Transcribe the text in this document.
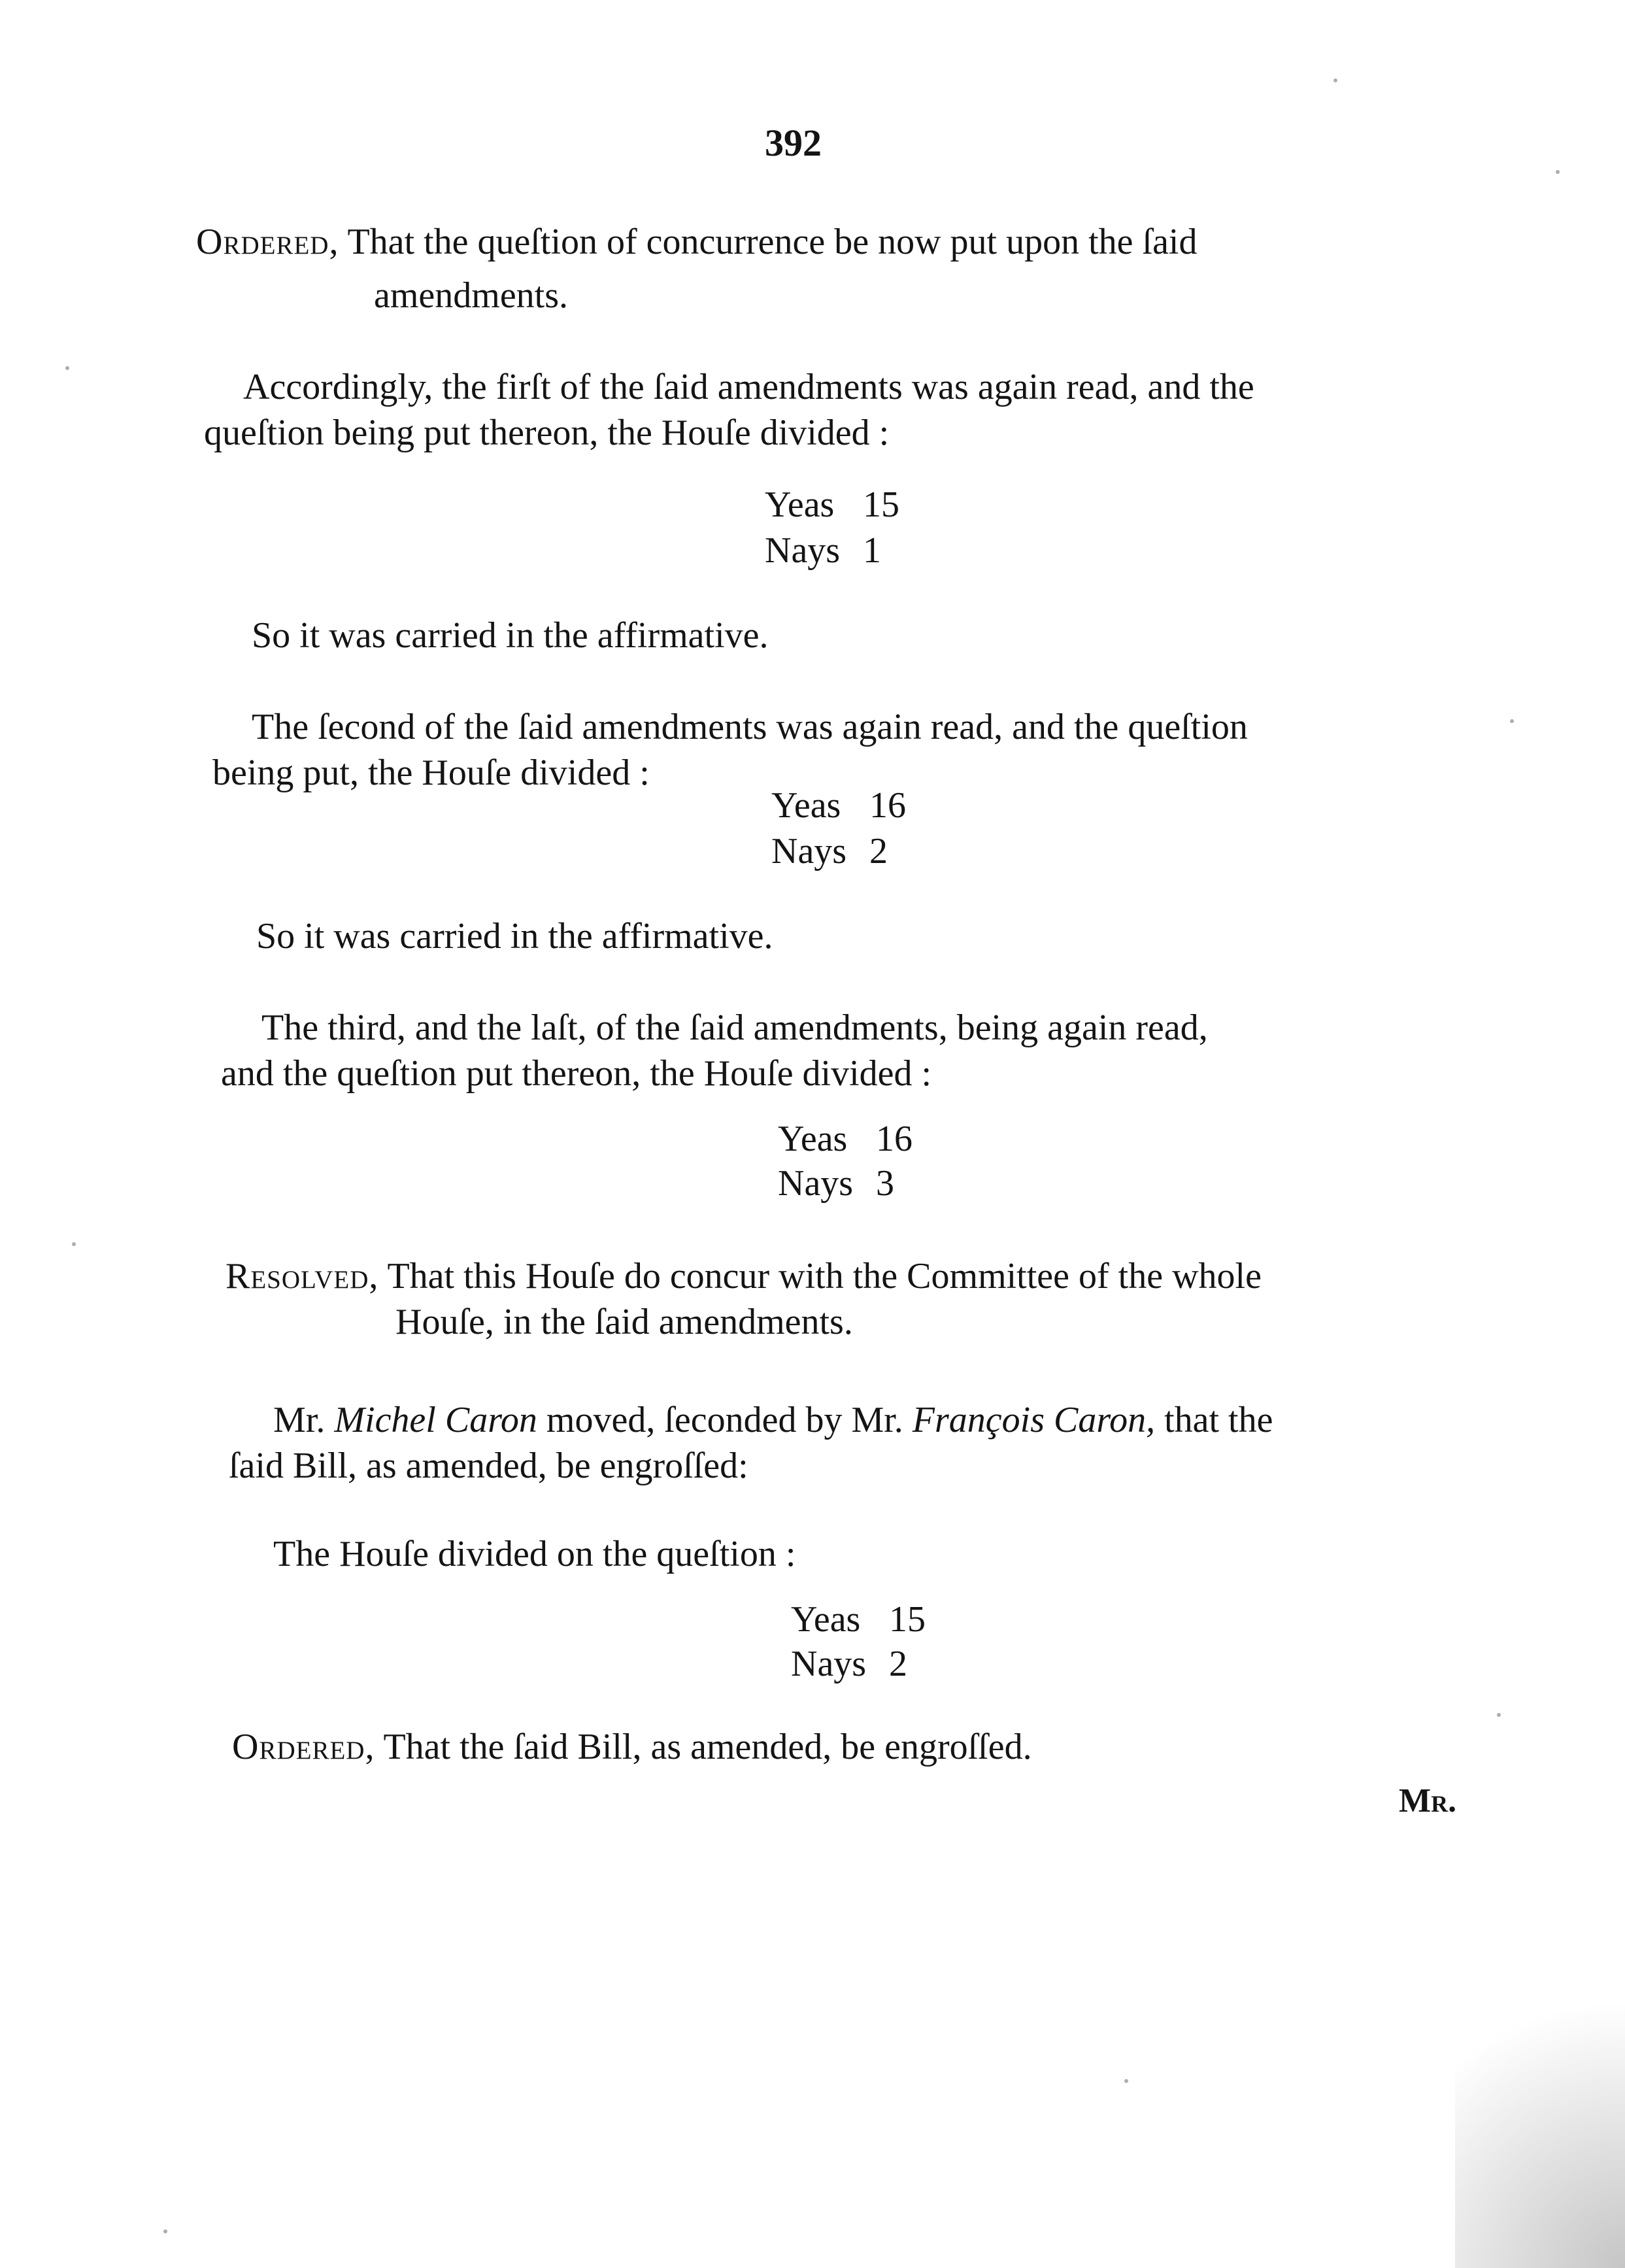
392
Ordered, That the queſtion of concurrence be now put upon the ſaid
amendments.
Accordingly, the firſt of the ſaid amendments was again read, and the
queſtion being put thereon, the Houſe divided :
Yeas 15
Nays 1
So it was carried in the affirmative.
The ſecond of the ſaid amendments was again read, and the queſtion
being put, the Houſe divided :
Yeas 16
Nays 2
So it was carried in the affirmative.
The third, and the laſt, of the ſaid amendments, being again read,
and the queſtion put thereon, the Houſe divided :
Yeas 16
Nays 3
Resolved, That this Houſe do concur with the Committee of the whole
Houſe, in the ſaid amendments.
Mr. Michel Caron moved, ſeconded by Mr. François Caron, that the
ſaid Bill, as amended, be engroſſed:
The Houſe divided on the queſtion :
Yeas 15
Nays 2
Ordered, That the ſaid Bill, as amended, be engroſſed.
Mr.
